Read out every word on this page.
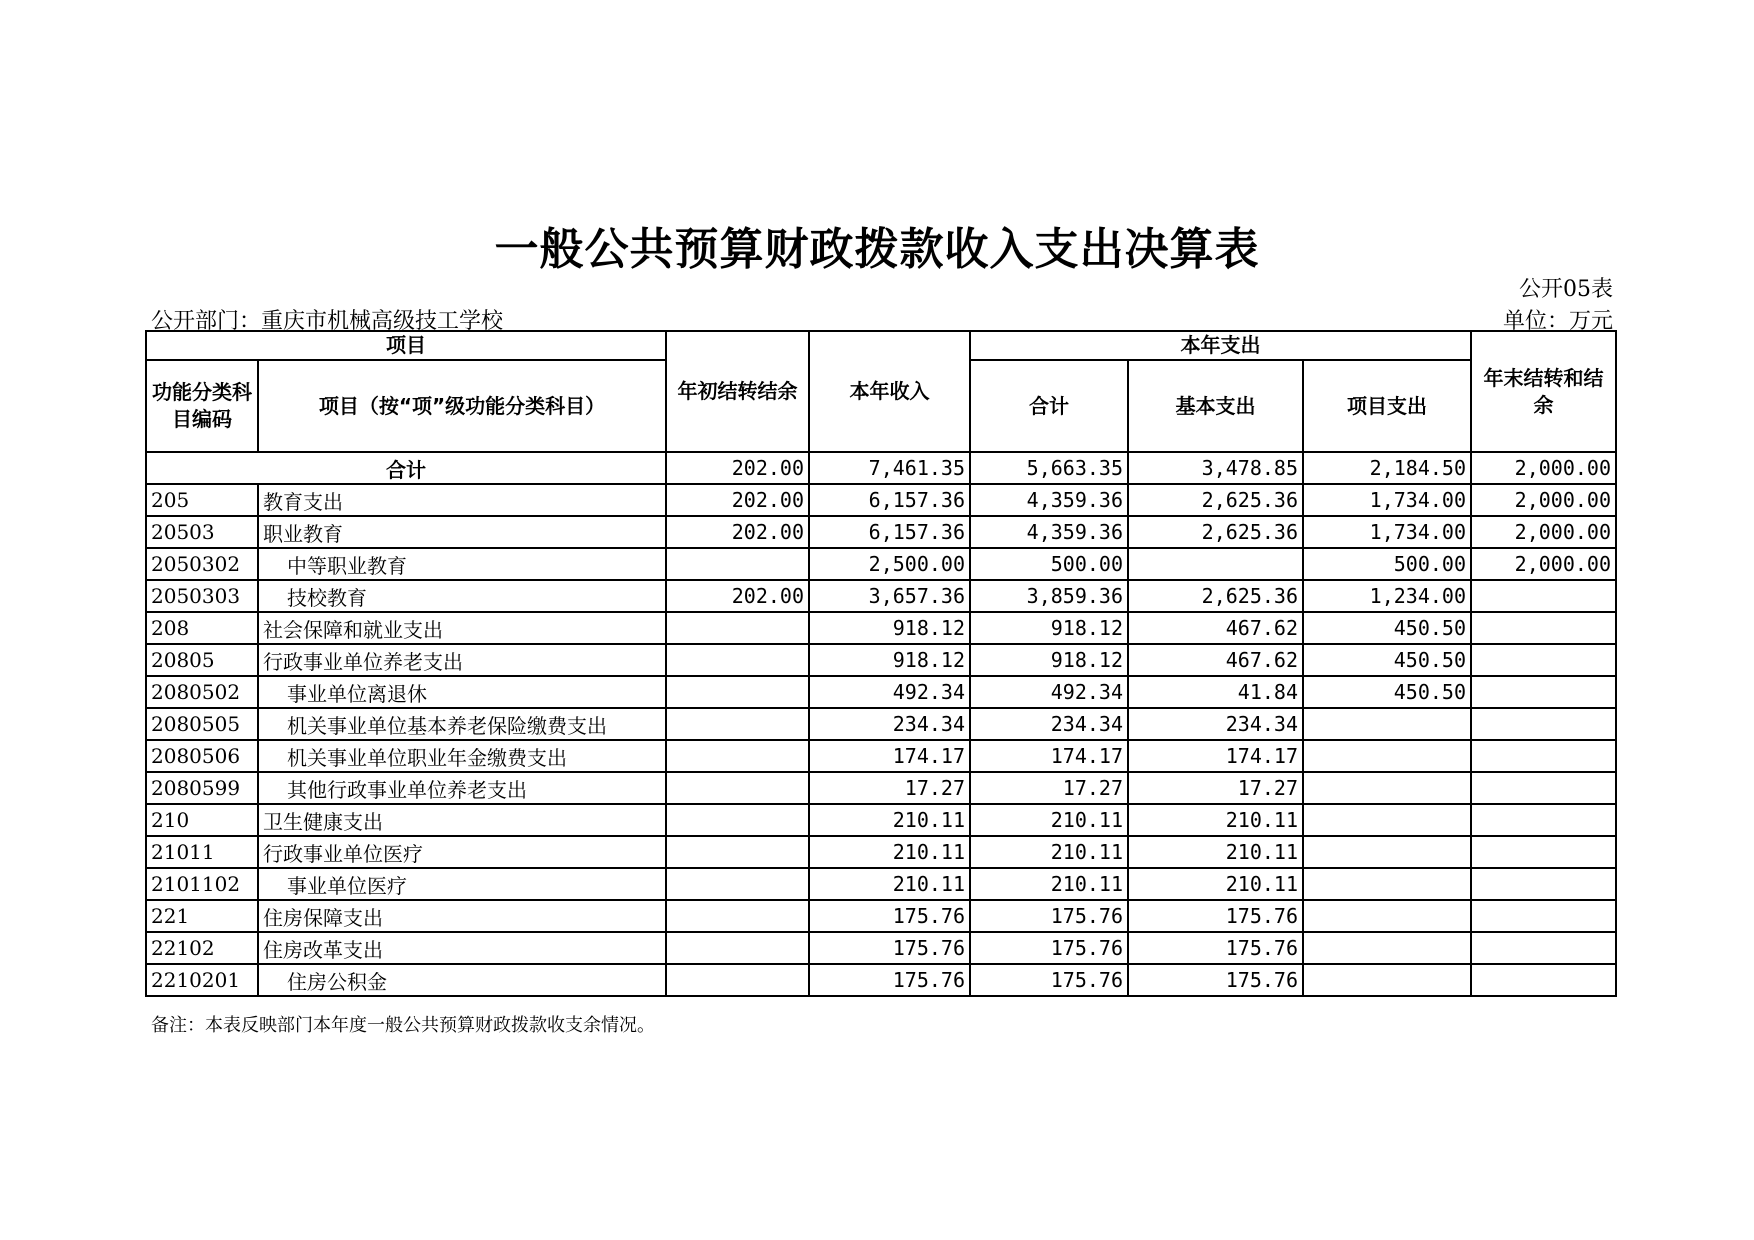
一般公共预算财政拨款收入支出决算表
公开05表
公开部门：重庆市机械高级技工学校	单位：万元
项目		年初结转结余	本年收入	本年支出			年末结转和结余
功能分类科目编码	项目（按“项”级功能分类科目）			合计	基本支出	项目支出	
合计		202.00	7,461.35	5,663.35	3,478.85	2,184.50	2,000.00
205	教育支出	202.00	6,157.36	4,359.36	2,625.36	1,734.00	2,000.00
20503	职业教育	202.00	6,157.36	4,359.36	2,625.36	1,734.00	2,000.00
2050302	中等职业教育		2,500.00	500.00		500.00	2,000.00
2050303	技校教育	202.00	3,657.36	3,859.36	2,625.36	1,234.00	
208	社会保障和就业支出		918.12	918.12	467.62	450.50	
20805	行政事业单位养老支出		918.12	918.12	467.62	450.50	
2080502	事业单位离退休		492.34	492.34	41.84	450.50	
2080505	机关事业单位基本养老保险缴费支出		234.34	234.34	234.34		
2080506	机关事业单位职业年金缴费支出		174.17	174.17	174.17		
2080599	其他行政事业单位养老支出		17.27	17.27	17.27		
210	卫生健康支出		210.11	210.11	210.11		
21011	行政事业单位医疗		210.11	210.11	210.11		
2101102	事业单位医疗		210.11	210.11	210.11		
221	住房保障支出		175.76	175.76	175.76		
22102	住房改革支出		175.76	175.76	175.76		
2210201	住房公积金		175.76	175.76	175.76		
备注：本表反映部门本年度一般公共预算财政拨款收支余情况。
